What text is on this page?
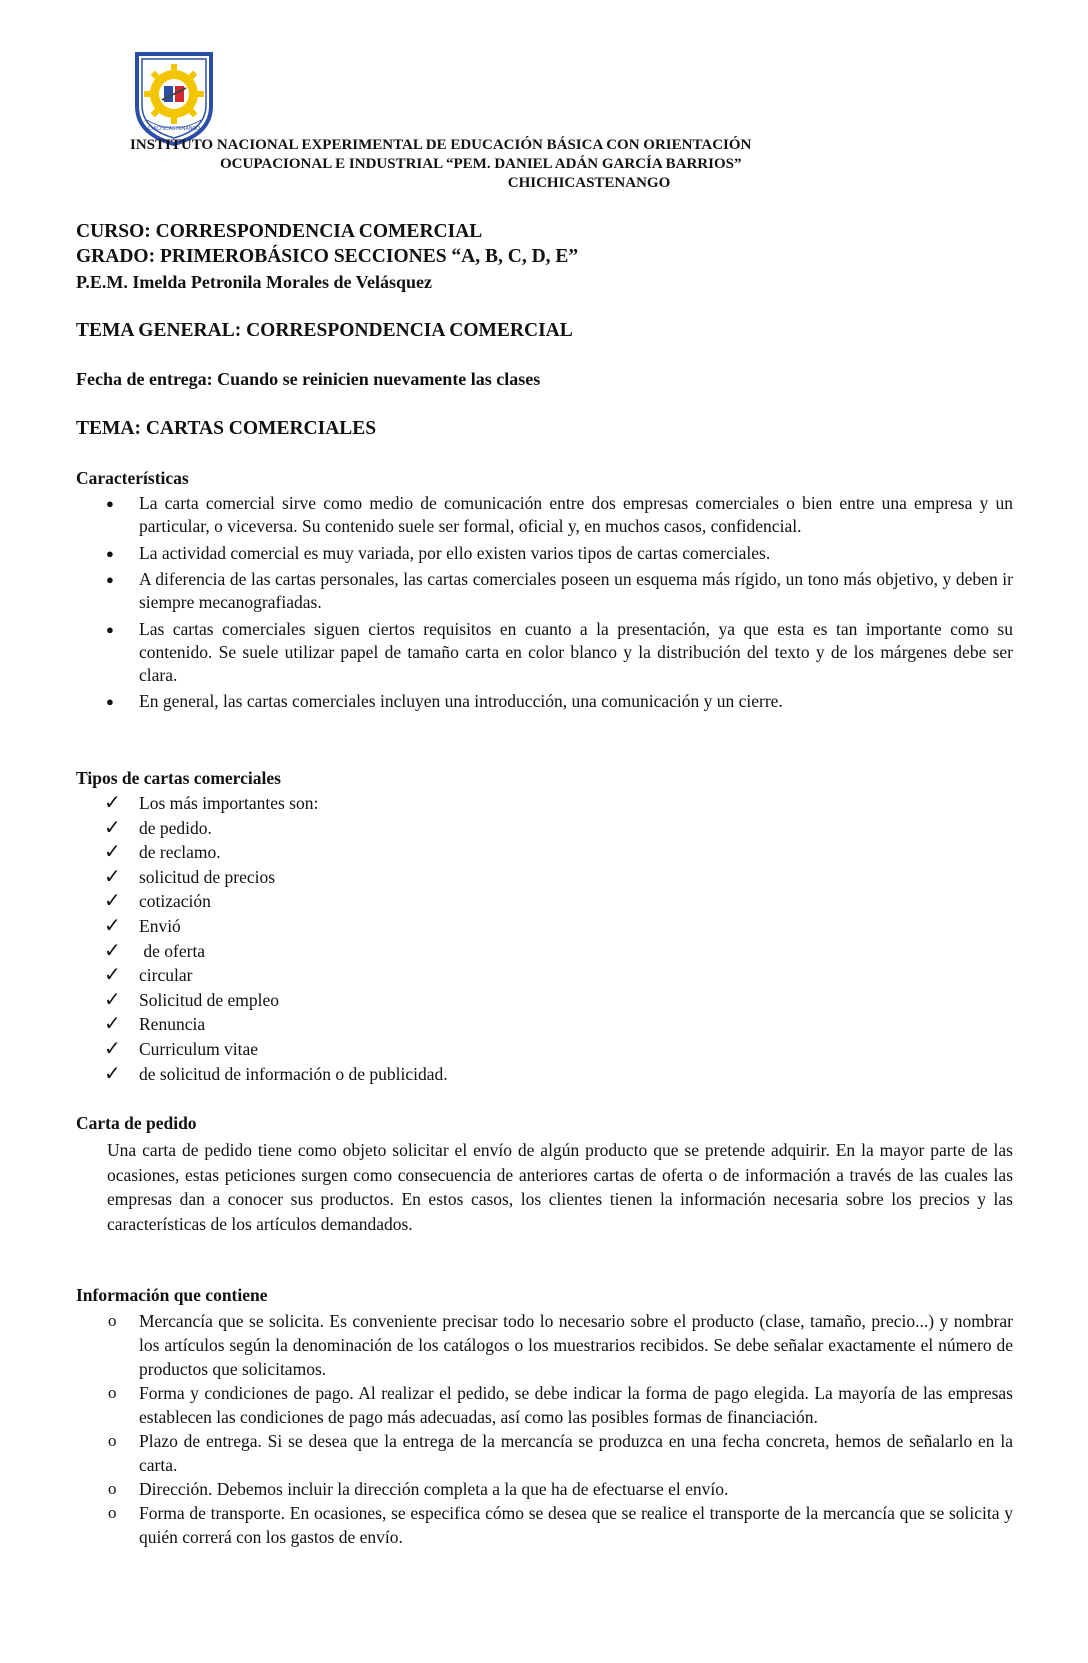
CHICHICASTENANGO
INSTITUTO NACIONAL EXPERIMENTAL DE EDUCACIÓN BÁSICA CON ORIENTACIÓN
OCUPACIONAL E INDUSTRIAL “PEM. DANIEL ADÁN GARCÍA BARRIOS”
CHICHICASTENANGO
CURSO: CORRESPONDENCIA COMERCIAL
GRADO: PRIMEROBÁSICO SECCIONES “A, B, C, D, E”
P.E.M. Imelda Petronila Morales de Velásquez
TEMA GENERAL: CORRESPONDENCIA COMERCIAL
Fecha de entrega: Cuando se reinicien nuevamente las clases
TEMA: CARTAS COMERCIALES
Características
● La carta comercial sirve como medio de comunicación entre dos empresas comerciales o bien entre una empresa y un particular, o viceversa. Su contenido suele ser formal, oficial y, en muchos casos, confidencial.
● La actividad comercial es muy variada, por ello existen varios tipos de cartas comerciales.
● A diferencia de las cartas personales, las cartas comerciales poseen un esquema más rígido, un tono más objetivo, y deben ir siempre mecanografiadas.
● Las cartas comerciales siguen ciertos requisitos en cuanto a la presentación, ya que esta es tan importante como su contenido. Se suele utilizar papel de tamaño carta en color blanco y la distribución del texto y de los márgenes debe ser clara.
● En general, las cartas comerciales incluyen una introducción, una comunicación y un cierre.
Tipos de cartas comerciales
✓ Los más importantes son:
✓ de pedido.
✓ de reclamo.
✓ solicitud de precios
✓ cotización
✓ Envió
✓ de oferta
✓ circular
✓ Solicitud de empleo
✓ Renuncia
✓ Curriculum vitae
✓ de solicitud de información o de publicidad.
Carta de pedido
Una carta de pedido tiene como objeto solicitar el envío de algún producto que se pretende adquirir. En la mayor parte de las ocasiones, estas peticiones surgen como consecuencia de anteriores cartas de oferta o de información a través de las cuales las empresas dan a conocer sus productos. En estos casos, los clientes tienen la información necesaria sobre los precios y las características de los artículos demandados.
Información que contiene
o Mercancía que se solicita. Es conveniente precisar todo lo necesario sobre el producto (clase, tamaño, precio...) y nombrar los artículos según la denominación de los catálogos o los muestrarios recibidos. Se debe señalar exactamente el número de productos que solicitamos.
o Forma y condiciones de pago. Al realizar el pedido, se debe indicar la forma de pago elegida. La mayoría de las empresas establecen las condiciones de pago más adecuadas, así como las posibles formas de financiación.
o Plazo de entrega. Si se desea que la entrega de la mercancía se produzca en una fecha concreta, hemos de señalarlo en la carta.
o Dirección. Debemos incluir la dirección completa a la que ha de efectuarse el envío.
o Forma de transporte. En ocasiones, se especifica cómo se desea que se realice el transporte de la mercancía que se solicita y quién correrá con los gastos de envío.
